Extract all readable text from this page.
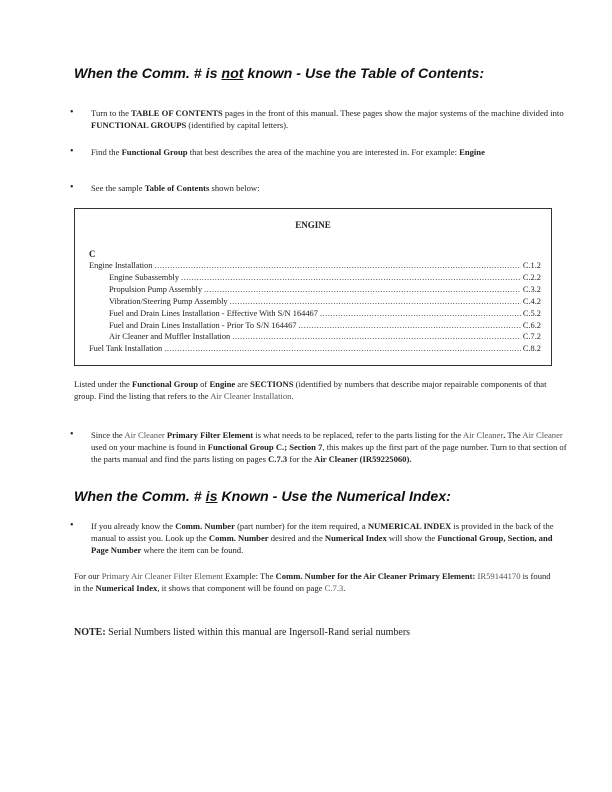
When the Comm. # is not known - Use the Table of Contents:
• Turn to the TABLE OF CONTENTS pages in the front of this manual. These pages show the major systems of the machine divided into FUNCTIONAL GROUPS (identified by capital letters).
• Find the Functional Group that best describes the area of the machine you are interested in. For example: Engine
• See the sample Table of Contents shown below:
ENGINE
C
Engine Installation .....	C.1.2
Engine Subassembly .....	C.2.2
Propulsion Pump Assembly .....	C.3.2
Vibration/Steering Pump Assembly .....	C.4.2
Fuel and Drain Lines Installation - Effective With S/N 164467 .....	C.5.2
Fuel and Drain Lines Installation - Prior To S/N 164467 .....	C.6.2
Air Cleaner and Muffler Installation .....	C.7.2
Fuel Tank Installation .....	C.8.2
Listed under the Functional Group of Engine are SECTIONS (identified by numbers that describe major repairable components of that group. Find the listing that refers to the Air Cleaner Installation.
• Since the Air Cleaner Primary Filter Element is what needs to be replaced, refer to the parts listing for the Air Cleaner. The Air Cleaner used on your machine is found in Functional Group C.; Section 7, this makes up the first part of the page number. Turn to that section of the parts manual and find the parts listing on pages C.7.3 for the Air Cleaner (IR59225060).
When the Comm. # is Known - Use the Numerical Index:
• If you already know the Comm. Number (part number) for the item required, a NUMERICAL INDEX is provided in the back of the manual to assist you. Look up the Comm. Number desired and the Numerical Index will show the Functional Group, Section, and Page Number where the item can be found.
For our Primary Air Cleaner Filter Element Example: The Comm. Number for the Air Cleaner Primary Element: IR59144170 is found in the Numerical Index, it shows that component will be found on page C.7.3.
NOTE: Serial Numbers listed within this manual are Ingersoll-Rand serial numbers
